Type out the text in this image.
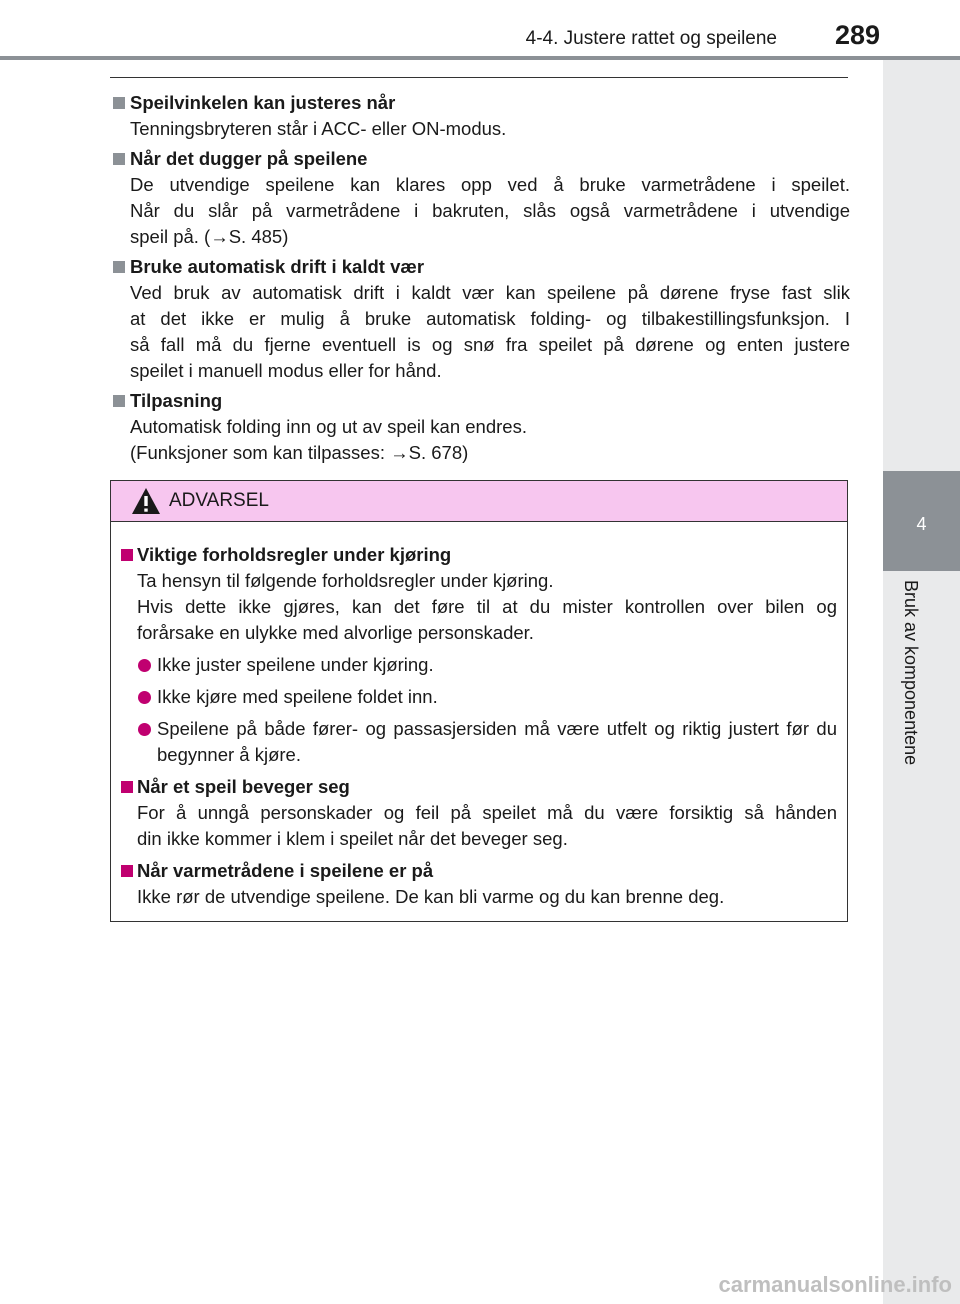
4-4. Justere rattet og speilene 289
4
Bruk av komponentene
Speilvinkelen kan justeres når
Tenningsbryteren står i ACC- eller ON-modus.
Når det dugger på speilene
De utvendige speilene kan klares opp ved å bruke varmetrådene i speilet.
Når du slår på varmetrådene i bakruten, slås også varmetrådene i utvendige
speil på. (→S. 485)
Bruke automatisk drift i kaldt vær
Ved bruk av automatisk drift i kaldt vær kan speilene på dørene fryse fast slik
at det ikke er mulig å bruke automatisk folding- og tilbakestillingsfunksjon. I
så fall må du fjerne eventuell is og snø fra speilet på dørene og enten justere
speilet i manuell modus eller for hånd.
Tilpasning
Automatisk folding inn og ut av speil kan endres.
(Funksjoner som kan tilpasses: →S. 678)
ADVARSEL
Viktige forholdsregler under kjøring
Ta hensyn til følgende forholdsregler under kjøring.
Hvis dette ikke gjøres, kan det føre til at du mister kontrollen over bilen og
forårsake en ulykke med alvorlige personskader.
Ikke juster speilene under kjøring.
Ikke kjøre med speilene foldet inn.
Speilene på både fører- og passasjersiden må være utfelt og riktig justert før du begynner å kjøre.
Når et speil beveger seg
For å unngå personskader og feil på speilet må du være forsiktig så hånden
din ikke kommer i klem i speilet når det beveger seg.
Når varmetrådene i speilene er på
Ikke rør de utvendige speilene. De kan bli varme og du kan brenne deg.
carmanualsonline.info
